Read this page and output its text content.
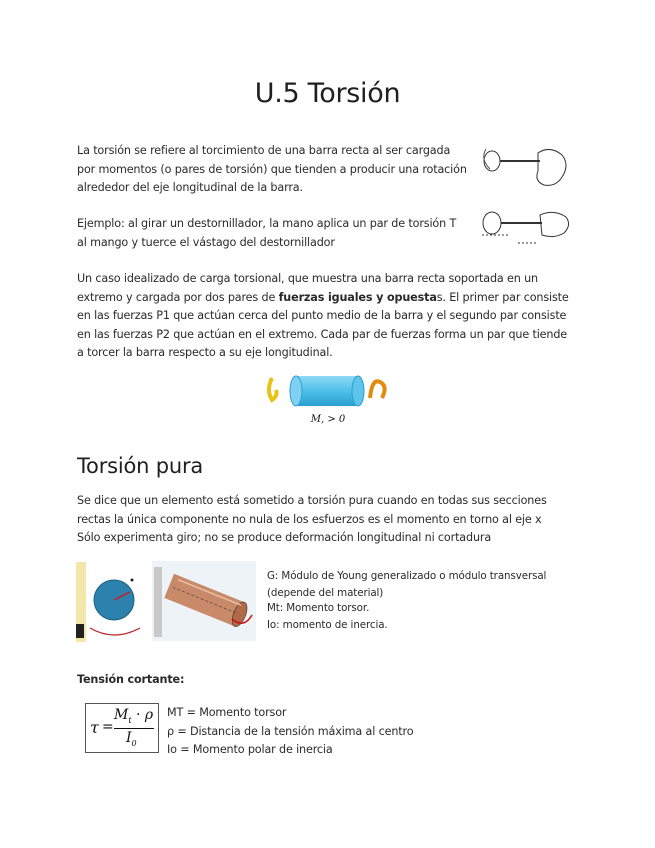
U.5 Torsión
La torsión se refiere al torcimiento de una barra recta al ser cargada por momentos (o pares de torsión) que tienden a producir una rotación alrededor del eje longitudinal de la barra.
Ejemplo: al girar un destornillador, la mano aplica un par de torsión T al mango y tuerce el vástago del destornillador
Un caso idealizado de carga torsional, que muestra una barra recta soportada en un extremo y cargada por dos pares de fuerzas iguales y opuestas. El primer par consiste en las fuerzas P1 que actúan cerca del punto medio de la barra y el segundo par consiste en las fuerzas P2 que actúan en el extremo. Cada par de fuerzas forma un par que tiende a torcer la barra respecto a su eje longitudinal.
M, > 0
Torsión pura
Se dice que un elemento está sometido a torsión pura cuando en todas sus secciones rectas la única componente no nula de los esfuerzos es el momento en torno al eje x
Sólo experimenta giro; no se produce deformación longitudinal ni cortadura
G: Módulo de Young generalizado o módulo transversal (depende del material)
Mt: Momento torsor.
Io: momento de inercia.
Tensión cortante:
τ =
$M_t \cdot \rho$
$I_0$
MT = Momento torsor
ρ = Distancia de la tensión máxima al centro
Io = Momento polar de inercia
